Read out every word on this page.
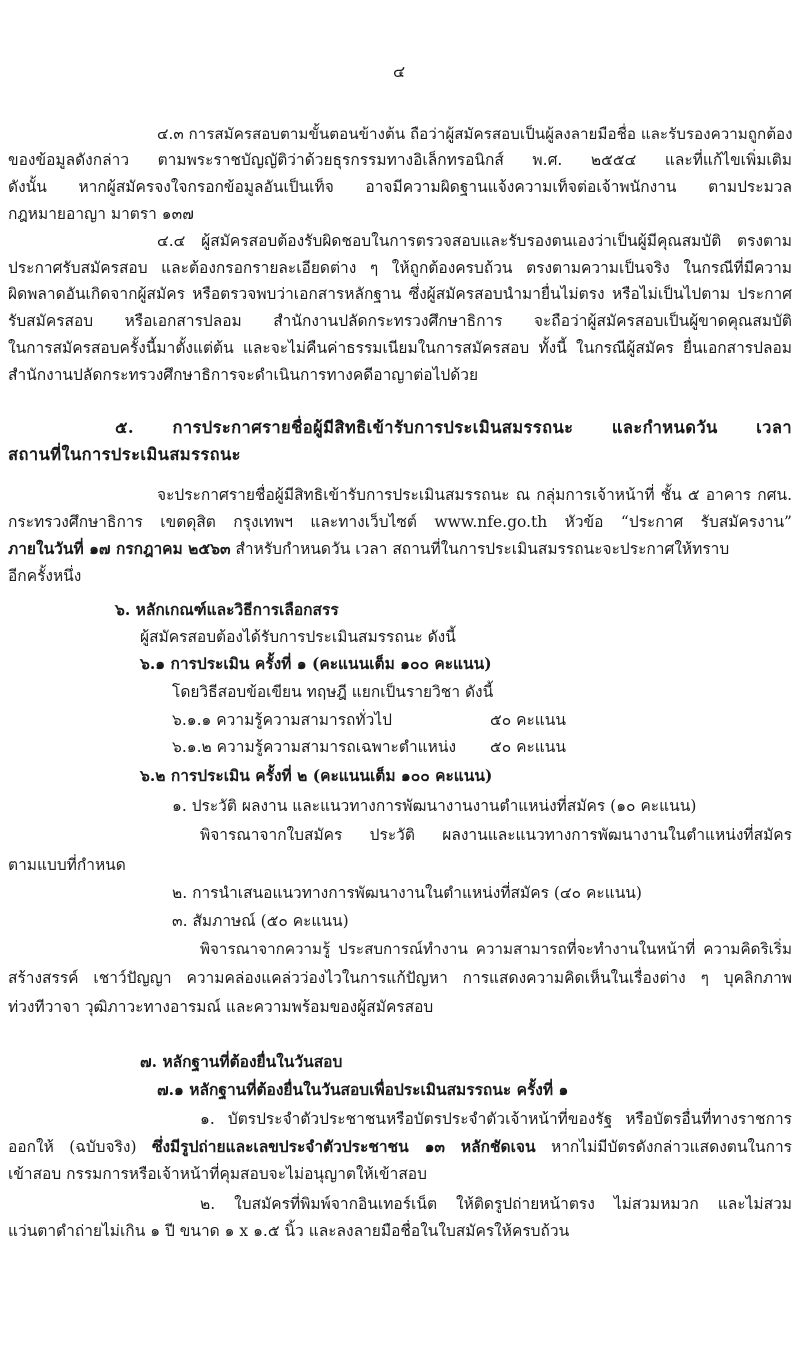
๔
๔.๓ การสมัครสอบตามขั้นตอนข้างต้น ถือว่าผู้สมัครสอบเป็นผู้ลงลายมือชื่อ และรับรองความถูกต้อง
ของข้อมูลดังกล่าว ตามพระราชบัญญัติว่าด้วยธุรกรรมทางอิเล็กทรอนิกส์ พ.ศ. ๒๕๕๔ และที่แก้ไขเพิ่มเติม
ดังนั้น หากผู้สมัครจงใจกรอกข้อมูลอันเป็นเท็จ อาจมีความผิดฐานแจ้งความเท็จต่อเจ้าพนักงาน ตามประมวล
กฎหมายอาญา มาตรา ๑๓๗
๔.๔ ผู้สมัครสอบต้องรับผิดชอบในการตรวจสอบและรับรองตนเองว่าเป็นผู้มีคุณสมบัติ ตรงตาม
ประกาศรับสมัครสอบ และต้องกรอกรายละเอียดต่าง ๆ ให้ถูกต้องครบถ้วน ตรงตามความเป็นจริง ในกรณีที่มีความ
ผิดพลาดอันเกิดจากผู้สมัคร หรือตรวจพบว่าเอกสารหลักฐาน ซึ่งผู้สมัครสอบนำมายื่นไม่ตรง หรือไม่เป็นไปตาม ประกาศ
รับสมัครสอบ หรือเอกสารปลอม สำนักงานปลัดกระทรวงศึกษาธิการ จะถือว่าผู้สมัครสอบเป็นผู้ขาดคุณสมบัติ
ในการสมัครสอบครั้งนี้มาตั้งแต่ต้น และจะไม่คืนค่าธรรมเนียมในการสมัครสอบ ทั้งนี้ ในกรณีผู้สมัคร ยื่นเอกสารปลอม
สำนักงานปลัดกระทรวงศึกษาธิการจะดำเนินการทางคดีอาญาต่อไปด้วย
๕. การประกาศรายชื่อผู้มีสิทธิเข้ารับการประเมินสมรรถนะ และกำหนดวัน เวลา
สถานที่ในการประเมินสมรรถนะ
จะประกาศรายชื่อผู้มีสิทธิเข้ารับการประเมินสมรรถนะ ณ กลุ่มการเจ้าหน้าที่ ชั้น ๕ อาคาร กศน.
กระทรวงศึกษาธิการ เขตดุสิต กรุงเทพฯ และทางเว็บไซต์ www.nfe.go.th หัวข้อ “ประกาศ รับสมัครงาน”
ภายในวันที่ ๑๗ กรกฎาคม ๒๕๖๓ สำหรับกำหนดวัน เวลา สถานที่ในการประเมินสมรรถนะจะประกาศให้ทราบ
อีกครั้งหนึ่ง
๖. หลักเกณฑ์และวิธีการเลือกสรร
ผู้สมัครสอบต้องได้รับการประเมินสมรรถนะ ดังนี้
๖.๑ การประเมิน ครั้งที่ ๑ (คะแนนเต็ม ๑๐๐ คะแนน)
โดยวิธีสอบข้อเขียน ทฤษฎี แยกเป็นรายวิชา ดังนี้
๖.๑.๑ ความรู้ความสามารถทั่วไป	๕๐ คะแนน
๖.๑.๒ ความรู้ความสามารถเฉพาะตำแหน่ง ๕๐ คะแนน
๖.๒ การประเมิน ครั้งที่ ๒ (คะแนนเต็ม ๑๐๐ คะแนน)
๑. ประวัติ ผลงาน และแนวทางการพัฒนางานงานตำแหน่งที่สมัคร (๑๐ คะแนน)
พิจารณาจากใบสมัคร ประวัติ ผลงานและแนวทางการพัฒนางานในตำแหน่งที่สมัคร
ตามแบบที่กำหนด
๒. การนำเสนอแนวทางการพัฒนางานในตำแหน่งที่สมัคร (๔๐ คะแนน)
๓. สัมภาษณ์ (๕๐ คะแนน)
พิจารณาจากความรู้ ประสบการณ์ทำงาน ความสามารถที่จะทำงานในหน้าที่ ความคิดริเริ่ม
สร้างสรรค์ เชาว์ปัญญา ความคล่องแคล่วว่องไวในการแก้ปัญหา การแสดงความคิดเห็นในเรื่องต่าง ๆ บุคลิกภาพ
ท่วงทีวาจา วุฒิภาวะทางอารมณ์ และความพร้อมของผู้สมัครสอบ
๗. หลักฐานที่ต้องยื่นในวันสอบ
๗.๑ หลักฐานที่ต้องยื่นในวันสอบเพื่อประเมินสมรรถนะ ครั้งที่ ๑
๑. บัตรประจำตัวประชาชนหรือบัตรประจำตัวเจ้าหน้าที่ของรัฐ หรือบัตรอื่นที่ทางราชการ
ออกให้ (ฉบับจริง) ซึ่งมีรูปถ่ายและเลขประจำตัวประชาชน ๑๓ หลักชัดเจน หากไม่มีบัตรดังกล่าวแสดงตนในการ
เข้าสอบ กรรมการหรือเจ้าหน้าที่คุมสอบจะไม่อนุญาตให้เข้าสอบ
๒. ใบสมัครที่พิมพ์จากอินเทอร์เน็ต ให้ติดรูปถ่ายหน้าตรง ไม่สวมหมวก และไม่สวม
แว่นตาดำถ่ายไม่เกิน ๑ ปี ขนาด ๑ x ๑.๕ นิ้ว และลงลายมือชื่อในใบสมัครให้ครบถ้วน
